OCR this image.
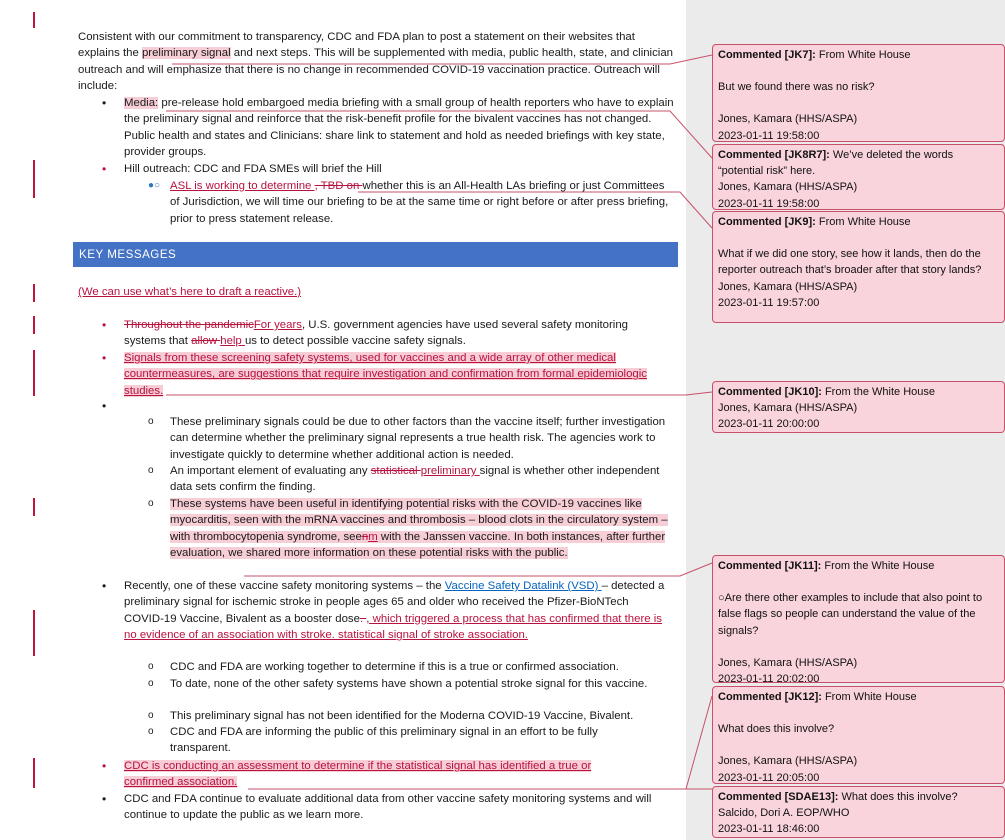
Consistent with our commitment to transparency, CDC and FDA plan to post a statement on their websites that explains the preliminary signal and next steps. This will be supplemented with media, public health, state, and clinician outreach and will emphasize that there is no change in recommended COVID-19 vaccination practice. Outreach will include:
• Media: pre-release hold embargoed media briefing with a small group of health reporters who have to explain the preliminary signal and reinforce that the risk-benefit profile for the bivalent vaccines has not changed. Public health and states and Clinicians: share link to statement and hold as needed briefings with key state, provider groups.
• Hill outreach: CDC and FDA SMEs will brief the Hill
●○ ASL is working to determine , TBD on whether this is an All-Health LAs briefing or just Committees of Jurisdiction, we will time our briefing to be at the same time or right before or after press briefing, prior to press statement release.
KEY MESSAGES
(We can use what’s here to draft a reactive.)
• Throughout the pandemicFor years, U.S. government agencies have used several safety monitoring systems that allow help us to detect possible vaccine safety signals.
• Signals from these screening safety systems, used for vaccines and a wide array of other medical countermeasures, are suggestions that require investigation and confirmation from formal epidemiologic studies.
•
o These preliminary signals could be due to other factors than the vaccine itself; further investigation can determine whether the preliminary signal represents a true health risk. The agencies work to investigate quickly to determine whether additional action is needed.
o An important element of evaluating any statistical preliminary signal is whether other independent data sets confirm the finding.
o These systems have been useful in identifying potential risks with the COVID-19 vaccines like myocarditis, seen with the mRNA vaccines and thrombosis – blood clots in the circulatory system – with thrombocytopenia syndrome, seenm with the Janssen vaccine. In both instances, after further evaluation, we shared more information on these potential risks with the public.
• Recently, one of these vaccine safety monitoring systems – the Vaccine Safety Datalink (VSD) – detected a preliminary signal for ischemic stroke in people ages 65 and older who received the Pfizer-BioNTech COVID-19 Vaccine, Bivalent as a booster dose. , which triggered a process that has confirmed that there is no evidence of an association with stroke. statistical signal of stroke association.
o CDC and FDA are working together to determine if this is a true or confirmed association.
o To date, none of the other safety systems have shown a potential stroke signal for this vaccine.
o This preliminary signal has not been identified for the Moderna COVID-19 Vaccine, Bivalent.
o CDC and FDA are informing the public of this preliminary signal in an effort to be fully transparent.
• CDC is conducting an assessment to determine if the statistical signal has identified a true or confirmed association.
• CDC and FDA continue to evaluate additional data from other vaccine safety monitoring systems and will continue to update the public as we learn more.
Commented [JK7]: From White House
But we found there was no risk?
Jones, Kamara (HHS/ASPA)
2023-01-11 19:58:00
Commented [JK8R7]: We’ve deleted the words
“potential risk” here.
Jones, Kamara (HHS/ASPA)
2023-01-11 19:58:00
Commented [JK9]: From White House
What if we did one story, see how it lands, then do the reporter outreach that’s broader after that story lands?
Jones, Kamara (HHS/ASPA)
2023-01-11 19:57:00
Commented [JK10]: From the White House
Jones, Kamara (HHS/ASPA)
2023-01-11 20:00:00
Commented [JK11]: From the White House
○Are there other examples to include that also point to false flags so people can understand the value of the signals?
Jones, Kamara (HHS/ASPA)
2023-01-11 20:02:00
Commented [JK12]: From White House
What does this involve?
Jones, Kamara (HHS/ASPA)
2023-01-11 20:05:00
Commented [SDAE13]: What does this involve?
Salcido, Dori A. EOP/WHO
2023-01-11 18:46:00
